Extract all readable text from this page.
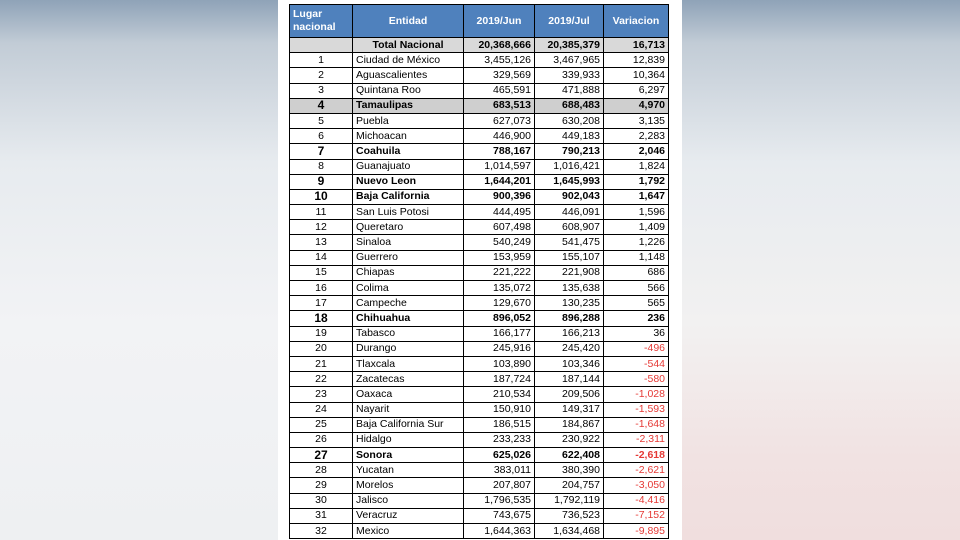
Lugar nacional	Entidad	2019/Jun	2019/Jul	Variacion
	Total Nacional	20,368,666	20,385,379	16,713
1	Ciudad de México	3,455,126	3,467,965	12,839
2	Aguascalientes	329,569	339,933	10,364
3	Quintana Roo	465,591	471,888	6,297
4	Tamaulipas	683,513	688,483	4,970
5	Puebla	627,073	630,208	3,135
6	Michoacan	446,900	449,183	2,283
7	Coahuila	788,167	790,213	2,046
8	Guanajuato	1,014,597	1,016,421	1,824
9	Nuevo Leon	1,644,201	1,645,993	1,792
10	Baja California	900,396	902,043	1,647
11	San Luis Potosi	444,495	446,091	1,596
12	Queretaro	607,498	608,907	1,409
13	Sinaloa	540,249	541,475	1,226
14	Guerrero	153,959	155,107	1,148
15	Chiapas	221,222	221,908	686
16	Colima	135,072	135,638	566
17	Campeche	129,670	130,235	565
18	Chihuahua	896,052	896,288	236
19	Tabasco	166,177	166,213	36
20	Durango	245,916	245,420	-496
21	Tlaxcala	103,890	103,346	-544
22	Zacatecas	187,724	187,144	-580
23	Oaxaca	210,534	209,506	-1,028
24	Nayarit	150,910	149,317	-1,593
25	Baja California Sur	186,515	184,867	-1,648
26	Hidalgo	233,233	230,922	-2,311
27	Sonora	625,026	622,408	-2,618
28	Yucatan	383,011	380,390	-2,621
29	Morelos	207,807	204,757	-3,050
30	Jalisco	1,796,535	1,792,119	-4,416
31	Veracruz	743,675	736,523	-7,152
32	Mexico	1,644,363	1,634,468	-9,895
